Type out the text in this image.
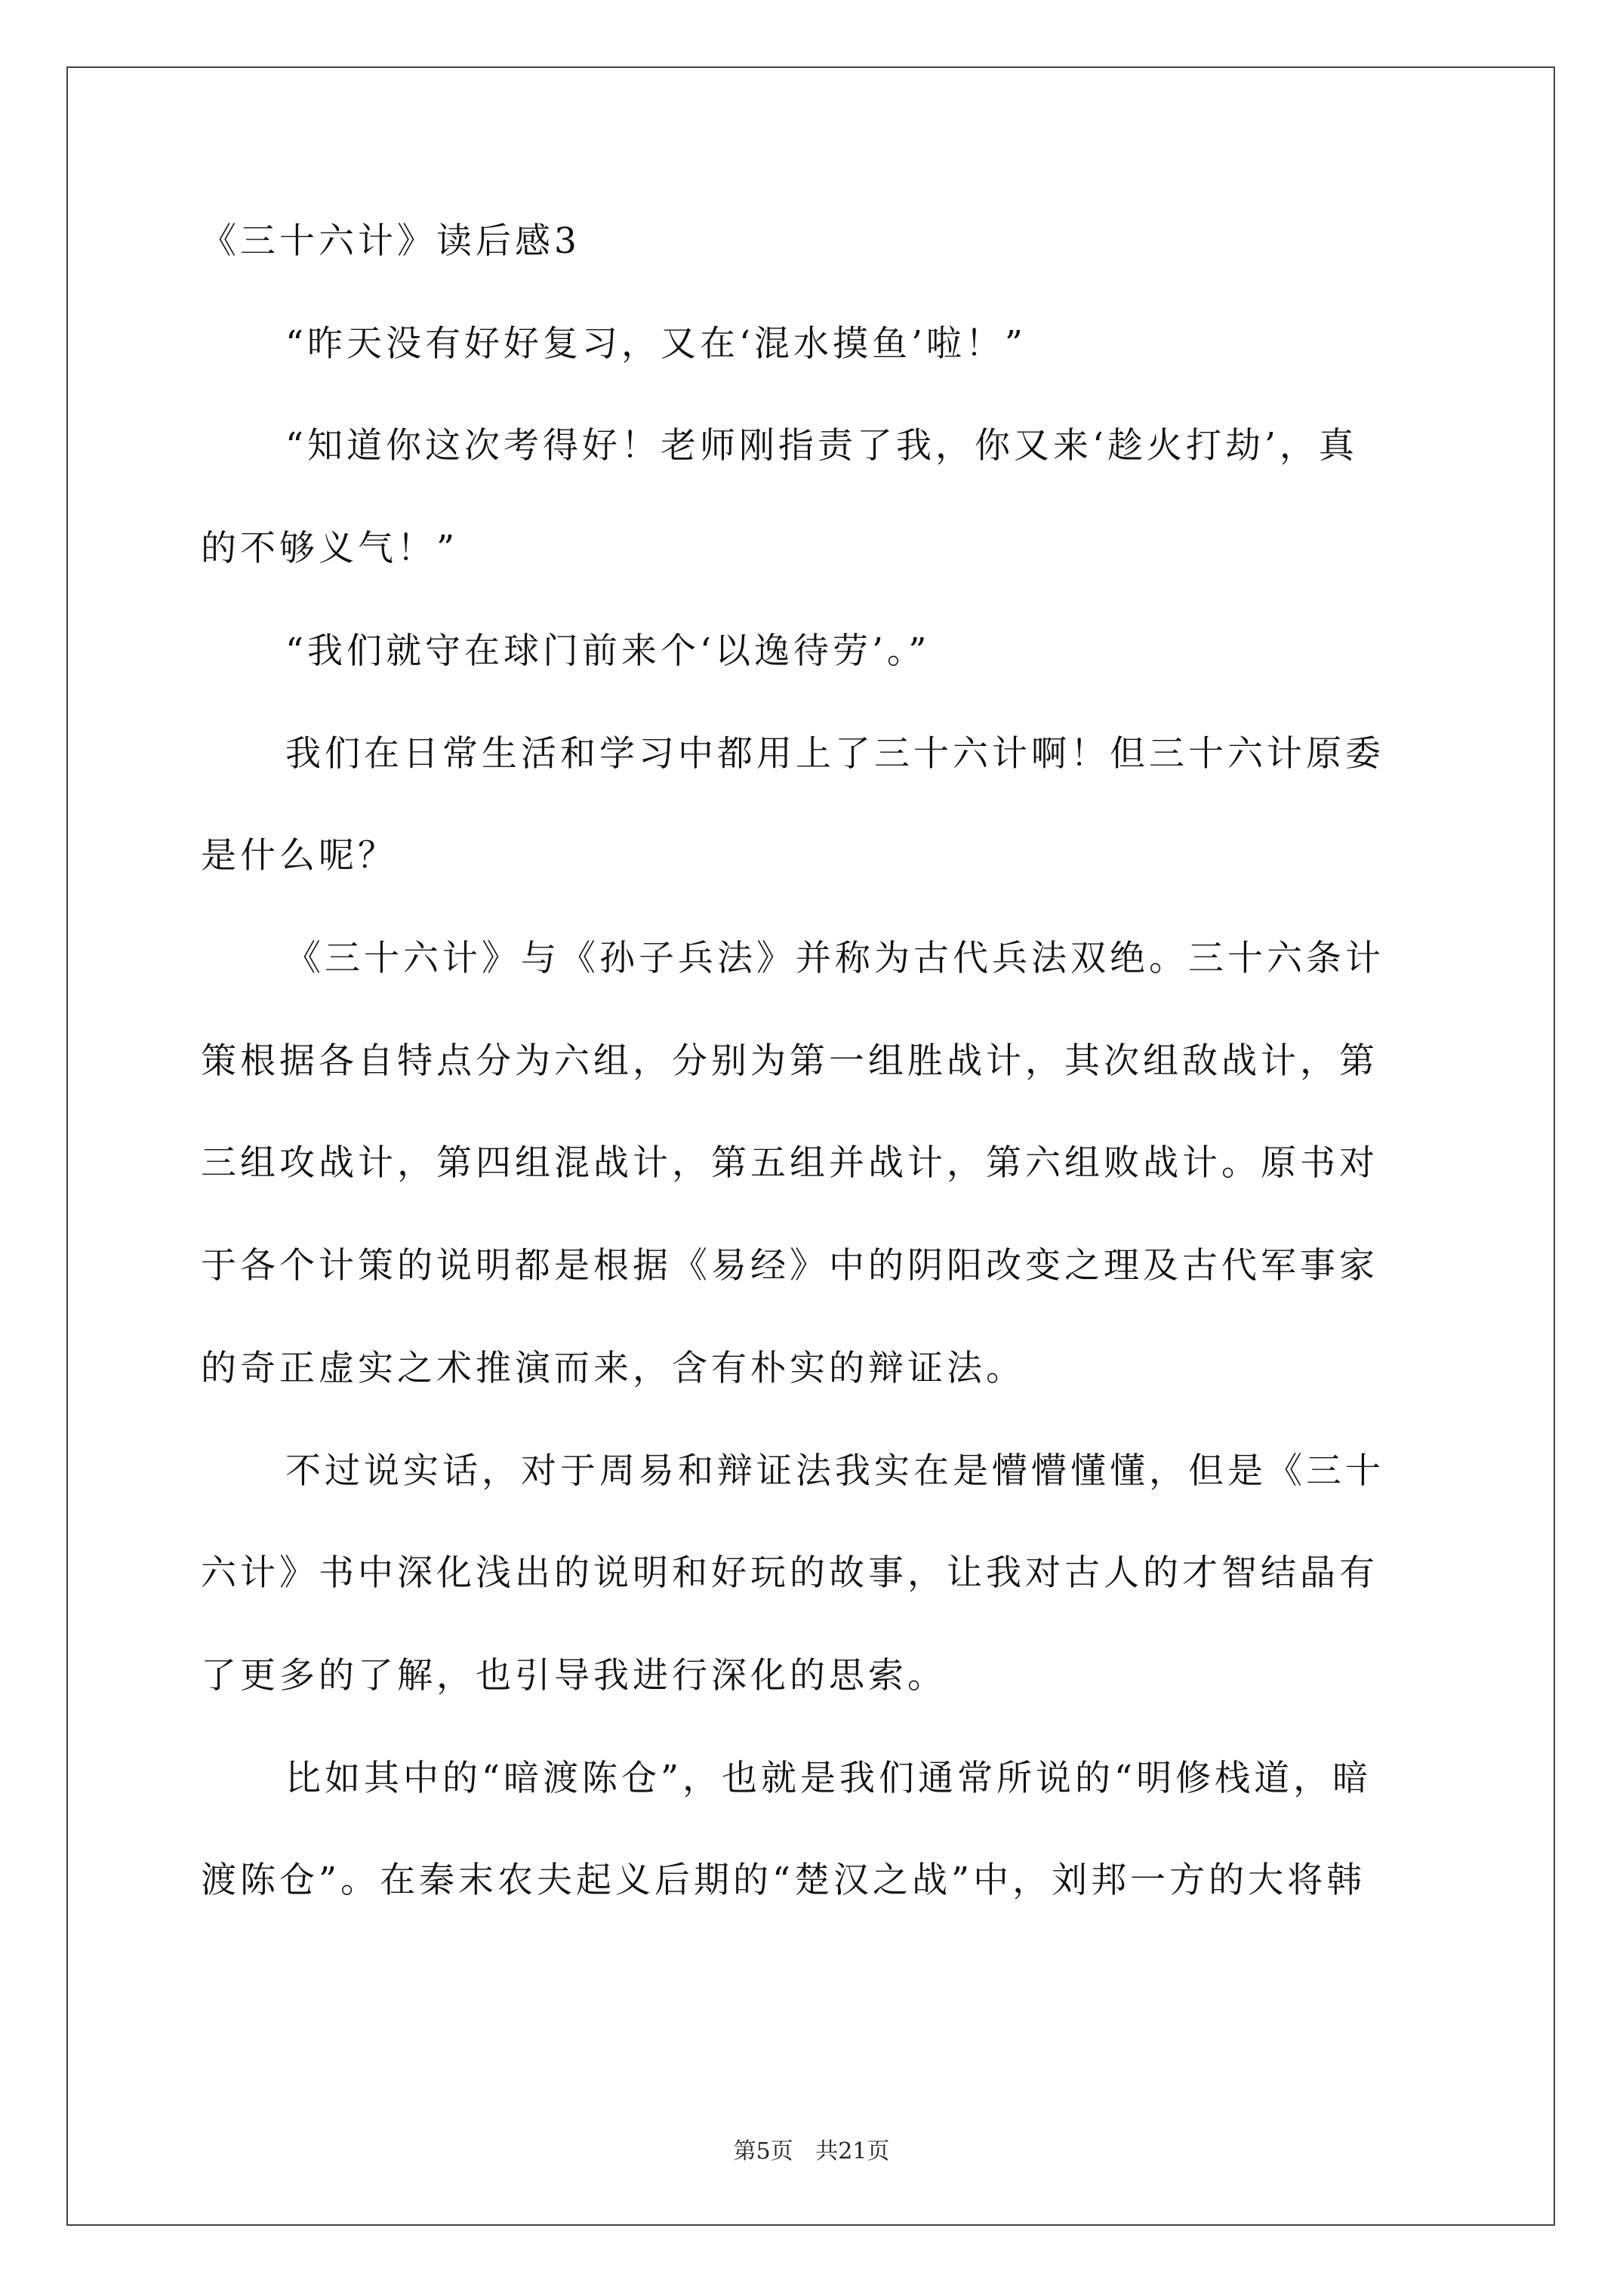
《三十六计》读后感3
“昨天没有好好复习，又在‘混水摸鱼’啦！”
“知道你这次考得好！老师刚指责了我，你又来‘趁火打劫’，真
的不够义气！”
“我们就守在球门前来个‘以逸待劳’。”
我们在日常生活和学习中都用上了三十六计啊！但三十六计原委
是什么呢？
《三十六计》与《孙子兵法》并称为古代兵法双绝。三十六条计
策根据各自特点分为六组，分别为第一组胜战计，其次组敌战计，第
三组攻战计，第四组混战计，第五组并战计，第六组败战计。原书对
于各个计策的说明都是根据《易经》中的阴阳改变之理及古代军事家
的奇正虚实之术推演而来，含有朴实的辩证法。
不过说实话，对于周易和辩证法我实在是懵懵懂懂，但是《三十
六计》书中深化浅出的说明和好玩的故事，让我对古人的才智结晶有
了更多的了解，也引导我进行深化的思索。
比如其中的“暗渡陈仓”，也就是我们通常所说的“明修栈道，暗
渡陈仓”。在秦末农夫起义后期的“楚汉之战”中，刘邦一方的大将韩
第5页 共21页
